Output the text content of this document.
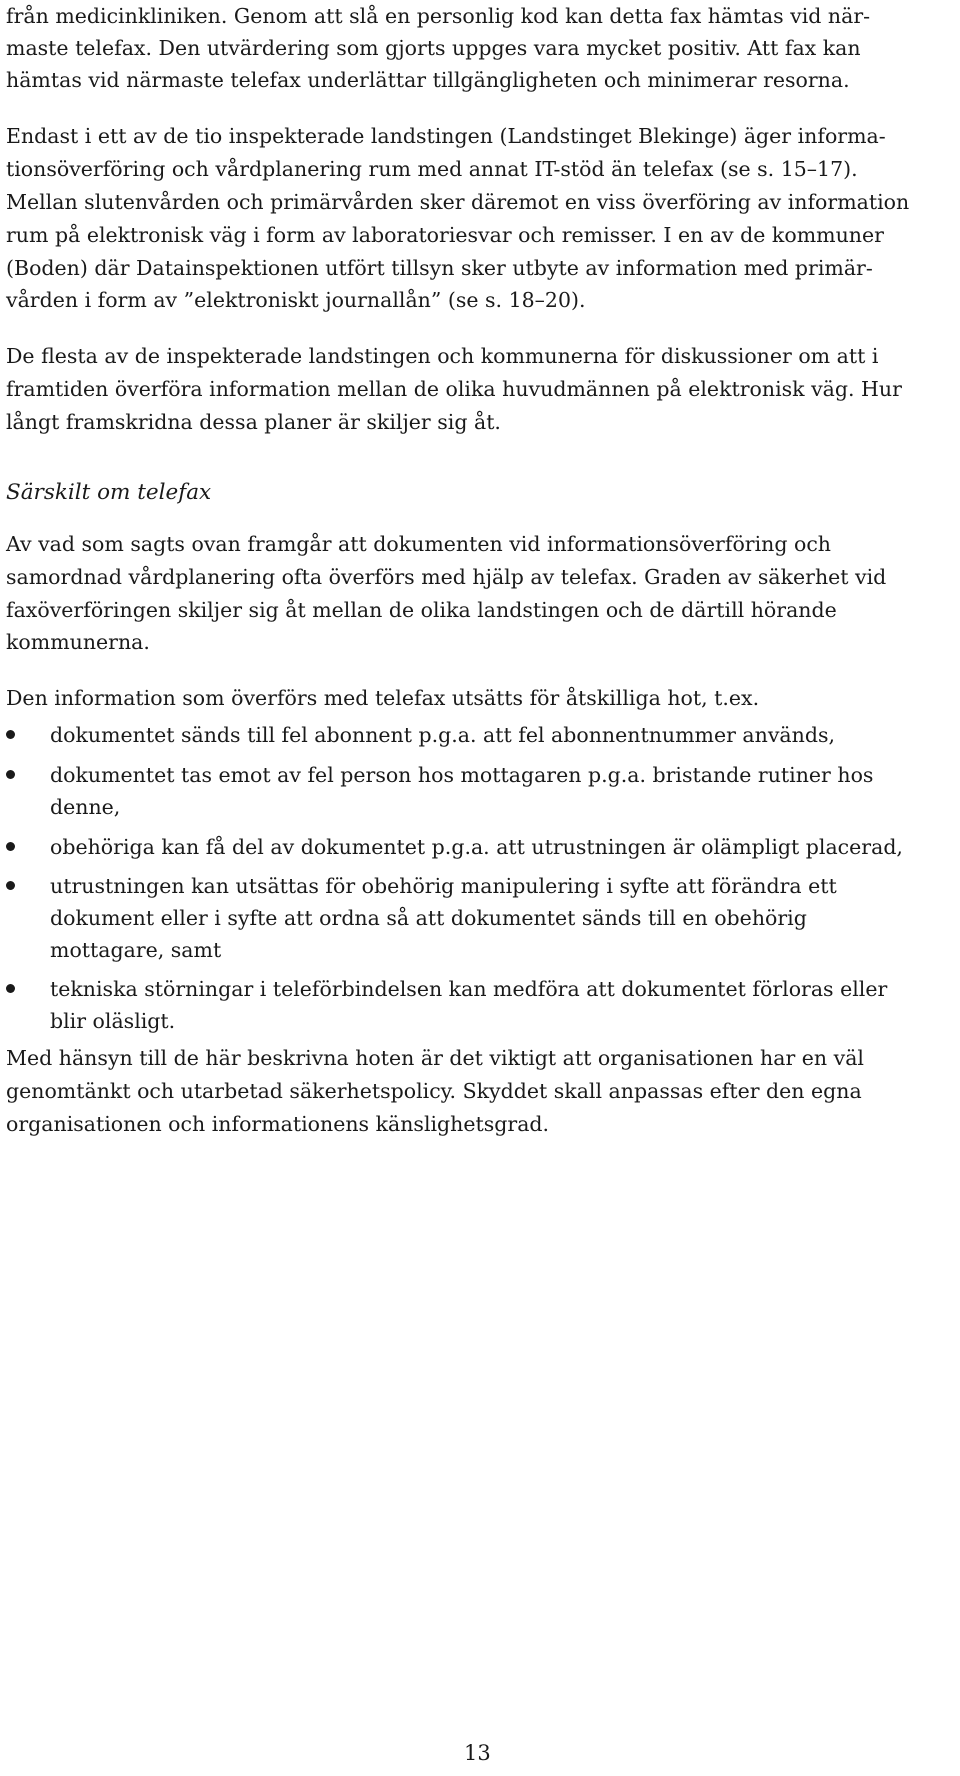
från medicinkliniken. Genom att slå en personlig kod kan detta fax hämtas vid när-

maste telefax. Den utvärdering som gjorts uppges vara mycket positiv. Att fax kan

hämtas vid närmaste telefax underlättar tillgängligheten och minimerar resorna.

Endast i ett av de tio inspekterade landstingen (Landstinget Blekinge) äger informa-

tionsöverföring och vårdplanering rum med annat IT-stöd än telefax (se s. 15–17).

Mellan slutenvården och primärvården sker däremot en viss överföring av information

rum på elektronisk väg i form av laboratoriesvar och remisser. I en av de kommuner

(Boden) där Datainspektionen utfört tillsyn sker utbyte av information med primär-

vården i form av ”elektroniskt journallån” (se s. 18–20).

De flesta av de inspekterade landstingen och kommunerna för diskussioner om att i

framtiden överföra information mellan de olika huvudmännen på elektronisk väg. Hur

långt framskridna dessa planer är skiljer sig åt.

Särskilt om telefax

Av vad som sagts ovan framgår att dokumenten vid informationsöverföring och

samordnad vårdplanering ofta överförs med hjälp av telefax. Graden av säkerhet vid

faxöverföringen skiljer sig åt mellan de olika landstingen och de därtill hörande

kommunerna.

Den information som överförs med telefax utsätts för åtskilliga hot, t.ex.

dokumentet sänds till fel abonnent p.g.a. att fel abonnentnummer används,

dokumentet tas emot av fel person hos mottagaren p.g.a. bristande rutiner hos

denne,

obehöriga kan få del av dokumentet p.g.a. att utrustningen är olämpligt placerad,

utrustningen kan utsättas för obehörig manipulering i syfte att förändra ett

dokument eller i syfte att ordna så att dokumentet sänds till en obehörig

mottagare, samt

tekniska störningar i teleförbindelsen kan medföra att dokumentet förloras eller

blir oläsligt.

Med hänsyn till de här beskrivna hoten är det viktigt att organisationen har en väl

genomtänkt och utarbetad säkerhetspolicy. Skyddet skall anpassas efter den egna

organisationen och informationens känslighetsgrad.

13
